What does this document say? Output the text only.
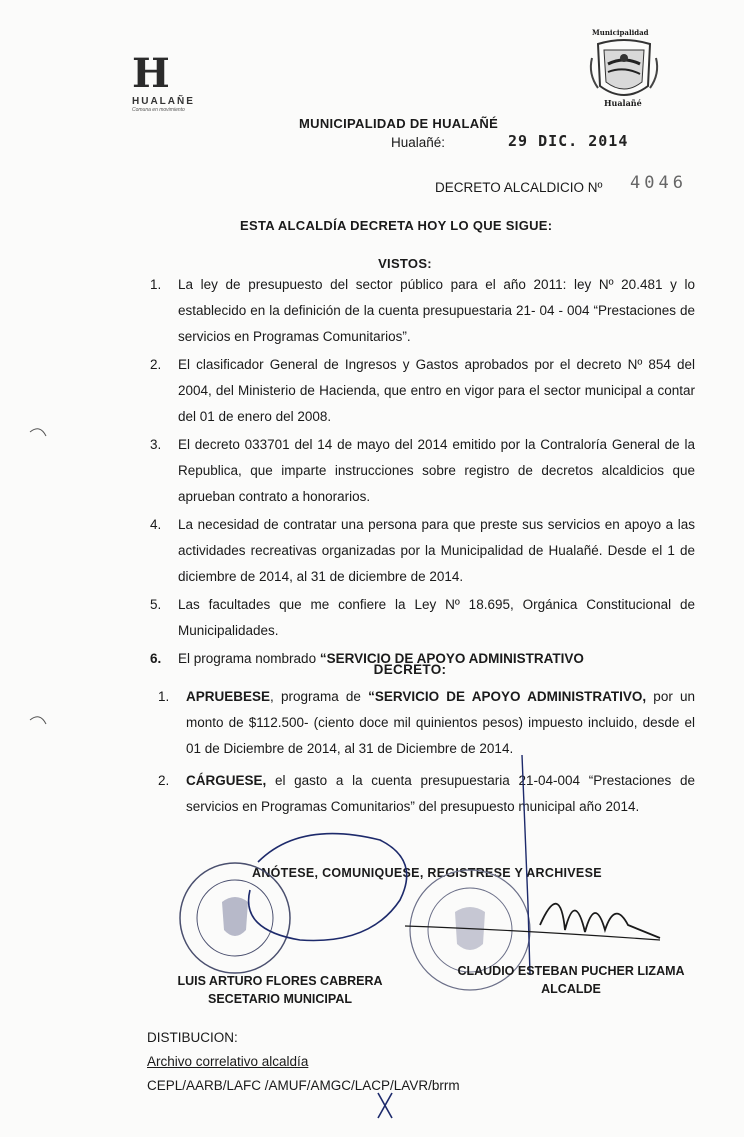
H
HUALAÑE
Comuna en movimiento
Municipalidad
Hualañé
MUNICIPALIDAD DE HUALAÑÉ
Hualañé:	29 DIC. 2014
DECRETO ALCALDICIO Nº 4046
ESTA ALCALDÍA DECRETA HOY LO QUE SIGUE:
VISTOS:
1.	La ley de presupuesto del sector público para el año 2011: ley Nº 20.481 y lo establecido en la definición de la cuenta presupuestaria 21- 04 - 004 “Prestaciones de servicios en Programas Comunitarios”.
2.	El clasificador General de Ingresos y Gastos aprobados por el decreto Nº 854 del 2004, del Ministerio de Hacienda, que entro en vigor para el sector municipal a contar del 01 de enero del 2008.
3.	El decreto 033701 del 14 de mayo del 2014 emitido por la Contraloría General de la Republica, que imparte instrucciones sobre registro de decretos alcaldicios que aprueban contrato a honorarios.
4.	La necesidad de contratar una persona para que preste sus servicios en apoyo a las actividades recreativas organizadas por la Municipalidad de Hualañé. Desde el 1 de diciembre de 2014, al 31 de diciembre de 2014.
5.	Las facultades que me confiere la Ley Nº 18.695, Orgánica Constitucional de Municipalidades.
6.	El programa nombrado “SERVICIO DE APOYO ADMINISTRATIVO
DECRETO:
1.	APRUEBESE, programa de “SERVICIO DE APOYO ADMINISTRATIVO, por un monto de $112.500- (ciento doce mil quinientos pesos) impuesto incluido, desde el 01 de Diciembre de 2014, al 31 de Diciembre de 2014.
2.	CÁRGUESE, el gasto a la cuenta presupuestaria 21-04-004 “Prestaciones de servicios en Programas Comunitarios” del presupuesto municipal año 2014.
ANÓTESE, COMUNIQUESE, REGISTRESE Y ARCHIVESE
LUIS ARTURO FLORES CABRERA
SECETARIO MUNICIPAL
CLAUDIO ESTEBAN PUCHER LIZAMA
ALCALDE
DISTIBUCION:
Archivo correlativo alcaldía
CEPL/AARB/LAFC /AMUF/AMGC/LACP/LAVR/brrm
